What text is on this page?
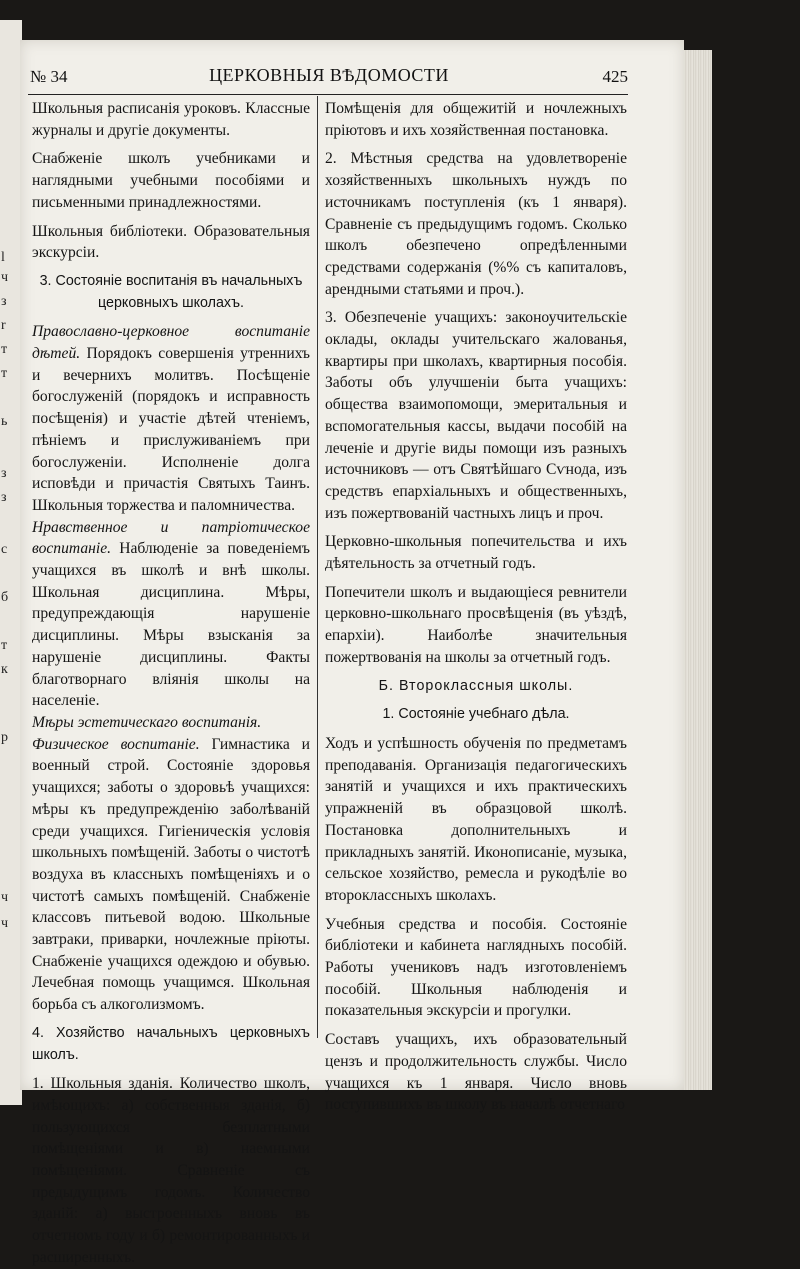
l
ч
з
r
т
т
ь
з
з
с
б
т
к
р
ч
ч
№ 34	ЦЕРКОВНЫЯ ВѢДОМОСТИ	425

Школьныя расписанія уроковъ. Классные журналы и другіе документы.

Снабженіе школъ учебниками и наглядными учебными пособіями и письменными принадлежностями.

Школьныя библіотеки. Образовательныя экскурсіи.

3. Состояніе воспитанія въ начальныхъ церковныхъ школахъ.

Православно-церковное воспитаніе дѣтей. Порядокъ совершенія утреннихъ и вечернихъ молитвъ. Посѣщеніе богослуженій (порядокъ и исправность посѣщенія) и участіе дѣтей чтеніемъ, пѣніемъ и прислуживаніемъ при богослуженіи. Исполненіе долга исповѣди и причастія Святыхъ Таинъ. Школьныя торжества и паломничества.

Нравственное и патріотическое воспитаніе. Наблюденіе за поведеніемъ учащихся въ школѣ и внѣ школы. Школьная дисциплина. Мѣры, предупреждающія нарушеніе дисциплины. Мѣры взысканія за нарушеніе дисциплины. Факты благотворнаго вліянія школы на населеніе.

Мѣры эстетическаго воспитанія.

Физическое воспитаніе. Гимнастика и военный строй. Состояніе здоровья учащихся; заботы о здоровьѣ учащихся: мѣры къ предупрежденію заболѣваній среди учащихся. Гигіеническія условія школьныхъ помѣщеній. Заботы о чистотѣ воздуха въ классныхъ помѣщеніяхъ и о чистотѣ самыхъ помѣщеній. Снабженіе классовъ питьевой водою. Школьные завтраки, приварки, ночлежные пріюты. Снабженіе учащихся одеждою и обувью. Лечебная помощь учащимся. Школьная борьба съ алкоголизмомъ.

4. Хозяйство начальныхъ церковныхъ школъ.

1. Школьныя зданія. Количество школъ, имѣющихъ: а) собственныя зданія, б) пользующихся безплатными помѣщеніями и в) наемными помѣщеніями. Сравненіе съ предыдущимъ годомъ. Количество зданій: а) выстроенныхъ вновь въ отчетномъ году и б) ремонтированныхъ и расширенныхъ.

Помѣщенія для общежитій и ночлежныхъ пріютовъ и ихъ хозяйственная постановка.

2. Мѣстныя средства на удовлетвореніе хозяйственныхъ школьныхъ нуждъ по источникамъ поступленія (къ 1 января). Сравненіе съ предыдущимъ годомъ. Сколько школъ обезпечено опредѣленными средствами содержанія (%% съ капиталовъ, арендными статьями и проч.).

3. Обезпеченіе учащихъ: законоучительскіе оклады, оклады учительскаго жалованья, квартиры при школахъ, квартирныя пособія. Заботы объ улучшеніи быта учащихъ: общества взаимопомощи, эмеритальныя и вспомогательныя кассы, выдачи пособій на леченіе и другіе виды помощи изъ разныхъ источниковъ — отъ Святѣйшаго Сѵнода, изъ средствъ епархіальныхъ и общественныхъ, изъ пожертвованій частныхъ лицъ и проч.

Церковно-школьныя попечительства и ихъ дѣятельность за отчетный годъ.

Попечители школъ и выдающіеся ревнители церковно-школьнаго просвѣщенія (въ уѣздѣ, епархіи). Наиболѣе значительныя пожертвованія на школы за отчетный годъ.

Б. Второклассныя школы.

1. Состояніе учебнаго дѣла.

Ходъ и успѣшность обученія по предметамъ преподаванія. Организація педагогическихъ занятій и учащихся и ихъ практическихъ упражненій въ образцовой школѣ. Постановка дополнительныхъ и прикладныхъ занятій. Иконописаніе, музыка, сельское хозяйство, ремесла и рукодѣліе во второклассныхъ школахъ.

Учебныя средства и пособія. Состояніе библіотеки и кабинета наглядныхъ пособій. Работы учениковъ надъ изготовленіемъ пособій. Школьныя наблюденія и показательныя экскурсіи и прогулки.

Составъ учащихъ, ихъ образовательный цензъ и продолжительность службы. Число учащихся къ 1 января. Число вновь поступившихъ въ школу въ началѣ отчетнаго
